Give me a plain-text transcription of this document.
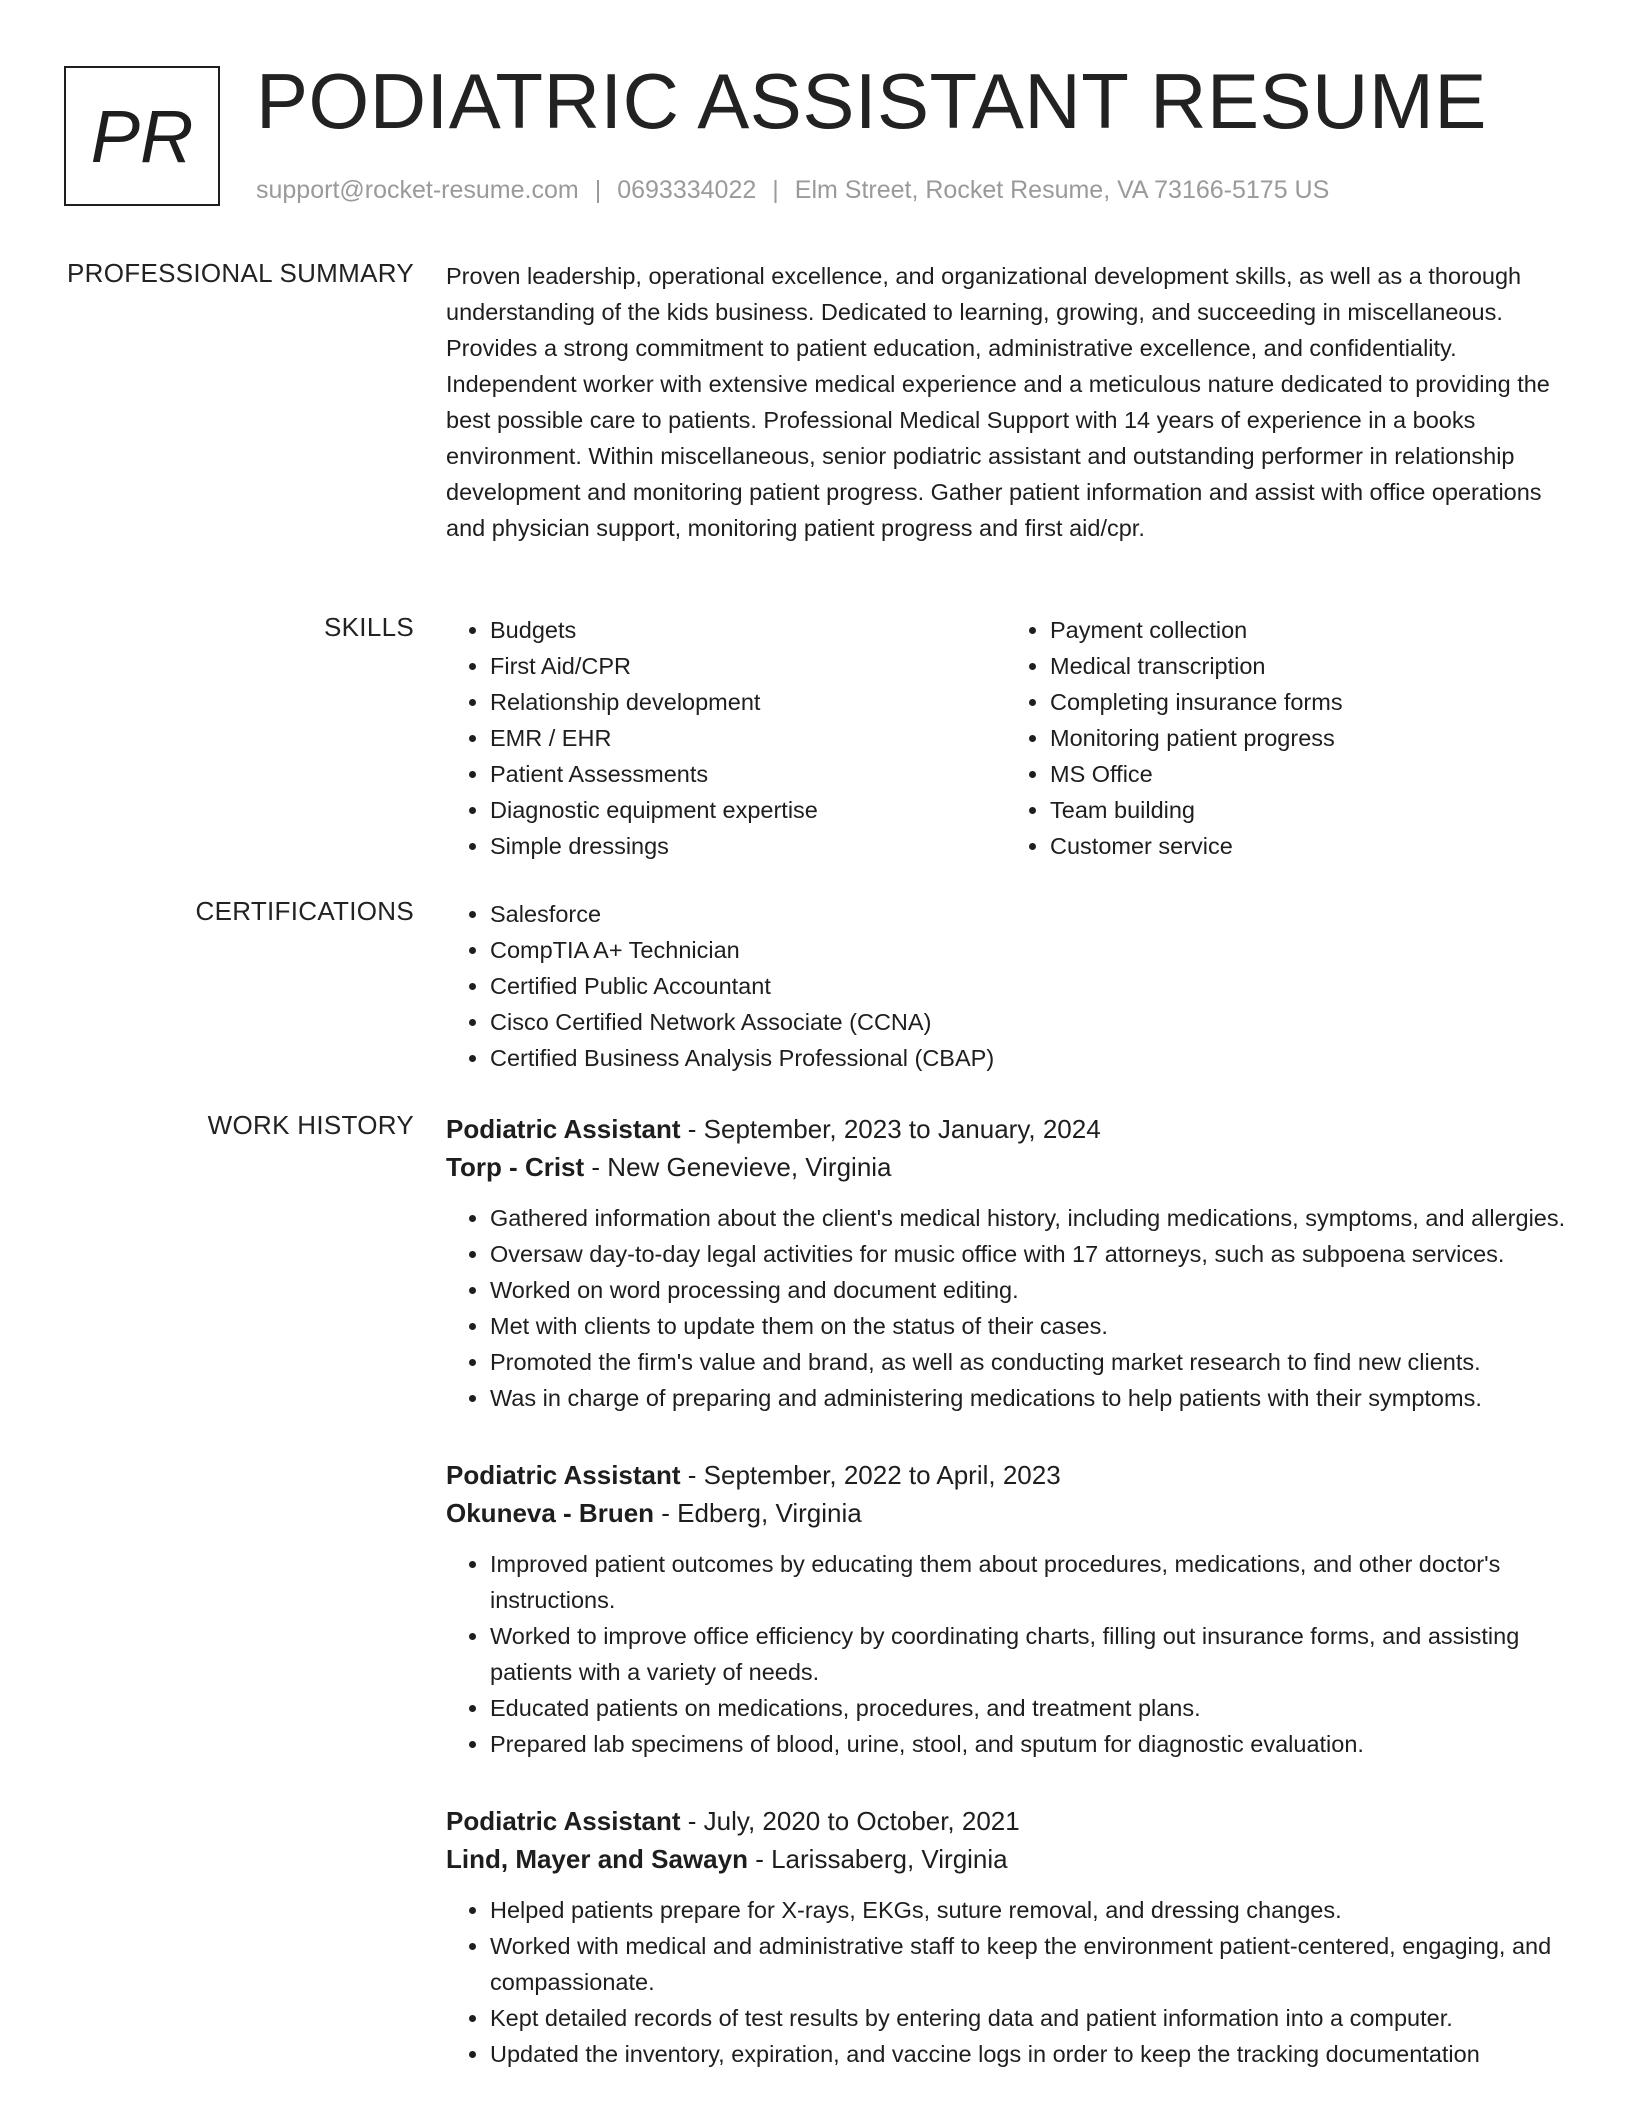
PR PODIATRIC ASSISTANT RESUME
support@rocket-resume.com | 0693334022 | Elm Street, Rocket Resume, VA 73166-5175 US
PROFESSIONAL SUMMARY Proven leadership, operational excellence, and organizational development skills, as well as a thorough understanding of the kids business. Dedicated to learning, growing, and succeeding in miscellaneous. Provides a strong commitment to patient education, administrative excellence, and confidentiality. Independent worker with extensive medical experience and a meticulous nature dedicated to providing the best possible care to patients. Professional Medical Support with 14 years of experience in a books environment. Within miscellaneous, senior podiatric assistant and outstanding performer in relationship development and monitoring patient progress. Gather patient information and assist with office operations and physician support, monitoring patient progress and first aid/cpr.
SKILLS	• Budgets
• First Aid/CPR
• Relationship development
• EMR / EHR
• Patient Assessments
• Diagnostic equipment expertise
• Simple dressings
• Payment collection
• Medical transcription
• Completing insurance forms
• Monitoring patient progress
• MS Office
• Team building
• Customer service
CERTIFICATIONS	• Salesforce
• CompTIA A+ Technician
• Certified Public Accountant
• Cisco Certified Network Associate (CCNA)
• Certified Business Analysis Professional (CBAP)
WORK HISTORY Podiatric Assistant - September, 2023 to January, 2024
Torp - Crist - New Genevieve, Virginia
• Gathered information about the client's medical history, including medications, symptoms, and allergies.
• Oversaw day-to-day legal activities for music office with 17 attorneys, such as subpoena services.
• Worked on word processing and document editing.
• Met with clients to update them on the status of their cases.
• Promoted the firm's value and brand, as well as conducting market research to find new clients.
• Was in charge of preparing and administering medications to help patients with their symptoms.
Podiatric Assistant - September, 2022 to April, 2023
Okuneva - Bruen - Edberg, Virginia
• Improved patient outcomes by educating them about procedures, medications, and other doctor's instructions.
• Worked to improve office efficiency by coordinating charts, filling out insurance forms, and assisting patients with a variety of needs.
• Educated patients on medications, procedures, and treatment plans.
• Prepared lab specimens of blood, urine, stool, and sputum for diagnostic evaluation.
Podiatric Assistant - July, 2020 to October, 2021
Lind, Mayer and Sawayn - Larissaberg, Virginia
• Helped patients prepare for X-rays, EKGs, suture removal, and dressing changes.
• Worked with medical and administrative staff to keep the environment patient-centered, engaging, and compassionate.
• Kept detailed records of test results by entering data and patient information into a computer.
• Updated the inventory, expiration, and vaccine logs in order to keep the tracking documentation
